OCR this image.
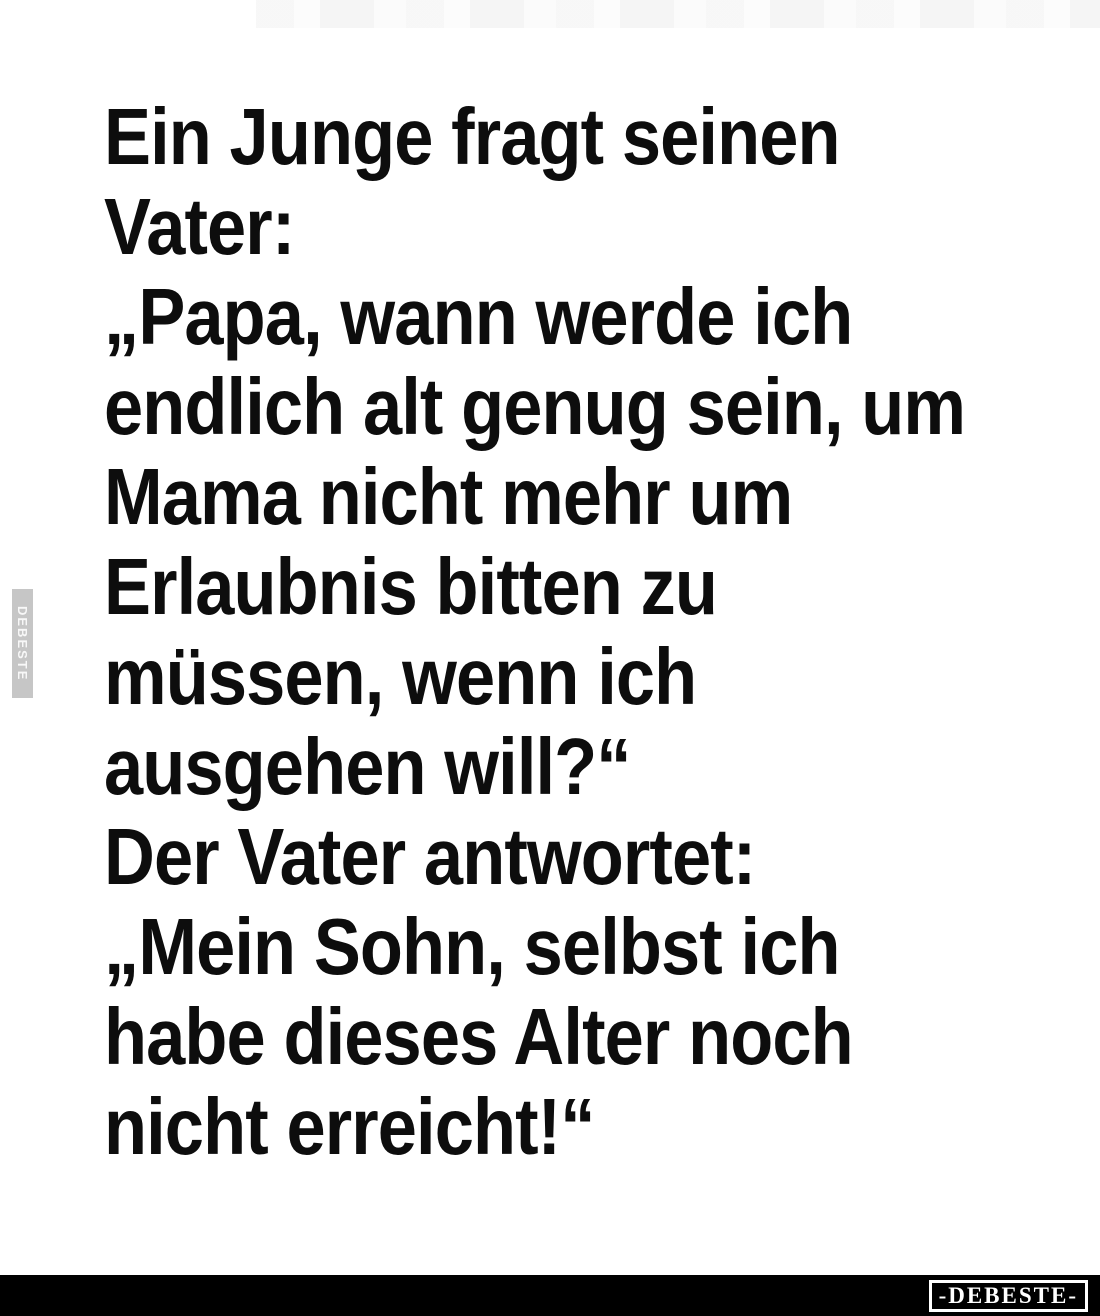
DEBESTE
Ein Junge fragt seinen
Vater:
„Papa, wann werde ich
endlich alt genug sein, um
Mama nicht mehr um
Erlaubnis bitten zu
müssen, wenn ich
ausgehen will?“
Der Vater antwortet:
„Mein Sohn, selbst ich
habe dieses Alter noch
nicht erreicht!“
-DEBESTE-
